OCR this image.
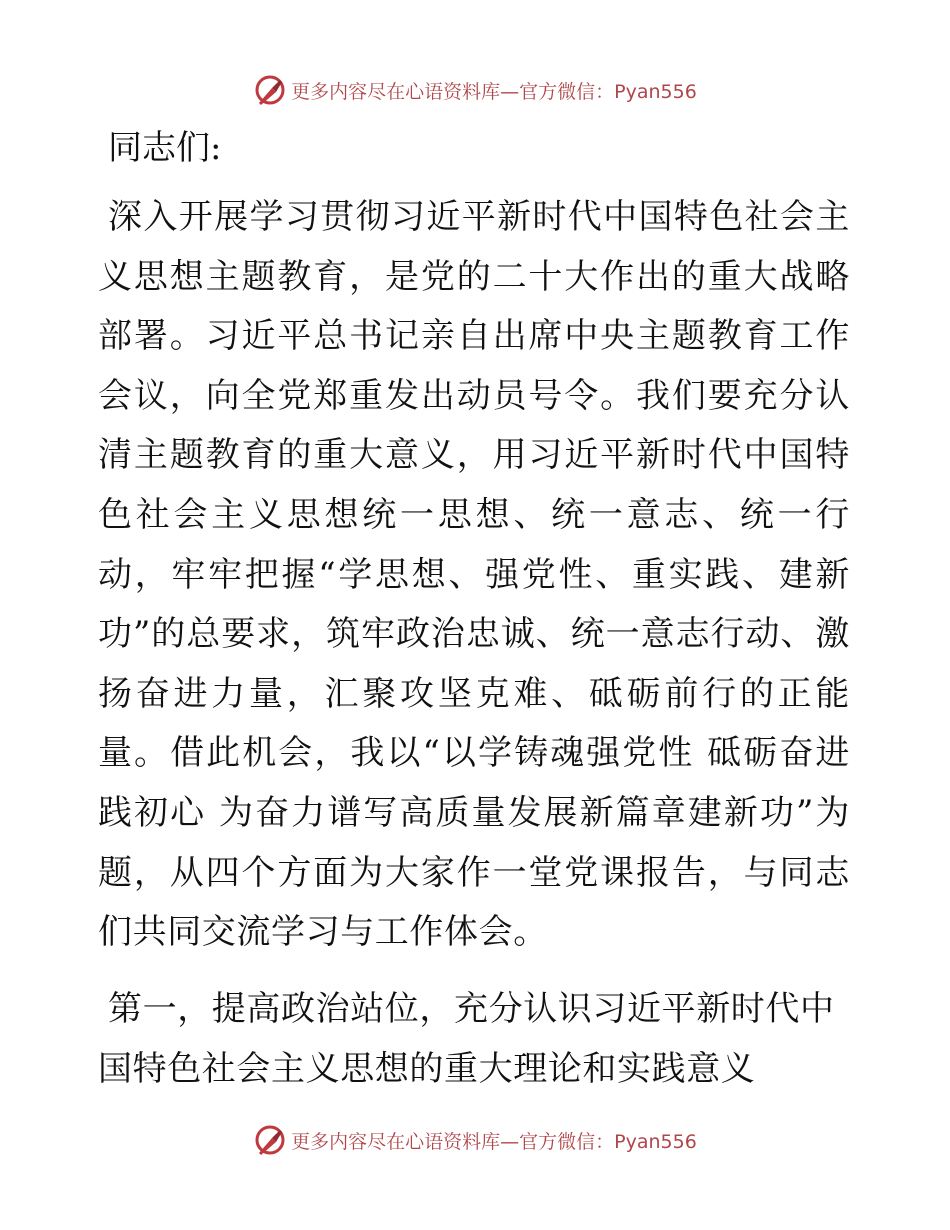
更多内容尽在心语资料库—官方微信：Pyan556

同志们:

深入开展学习贯彻习近平新时代中国特色社会主义思想主题教育，是党的二十大作出的重大战略部署。习近平总书记亲自出席中央主题教育工作会议，向全党郑重发出动员号令。我们要充分认清主题教育的重大意义，用习近平新时代中国特色社会主义思想统一思想、统一意志、统一行动，牢牢把握“学思想、强党性、重实践、建新功”的总要求，筑牢政治忠诚、统一意志行动、激扬奋进力量，汇聚攻坚克难、砥砺前行的正能量。借此机会，我以“以学铸魂强党性 砥砺奋进践初心 为奋力谱写高质量发展新篇章建新功”为题，从四个方面为大家作一堂党课报告，与同志们共同交流学习与工作体会。

第一，提高政治站位，充分认识习近平新时代中国特色社会主义思想的重大理论和实践意义

更多内容尽在心语资料库—官方微信：Pyan556
